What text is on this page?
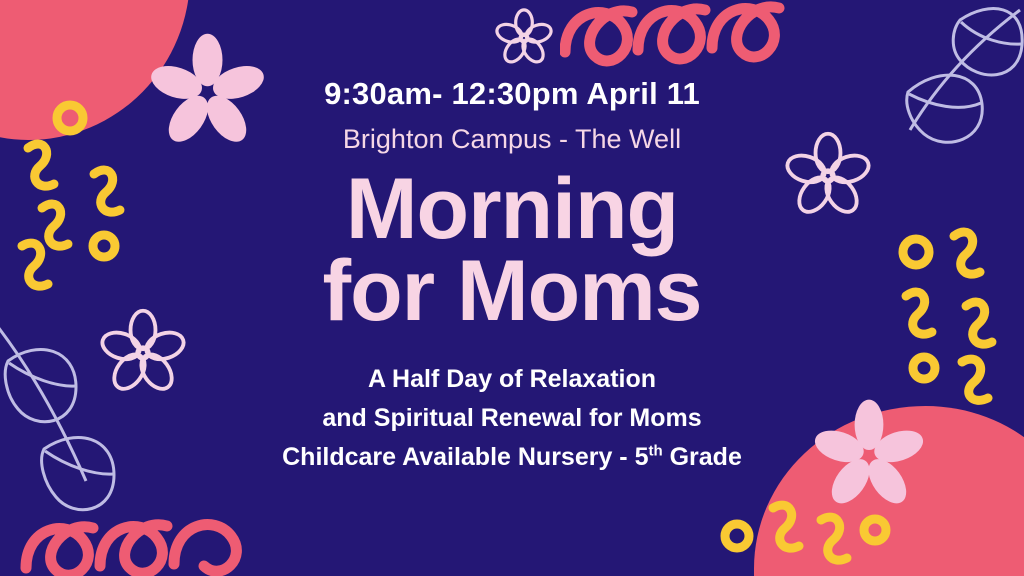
9:30am- 12:30pm April 11
Brighton Campus - The Well
Morning
for Moms
A Half Day of Relaxation
and Spiritual Renewal for Moms
Childcare Available Nursery - 5th Grade
